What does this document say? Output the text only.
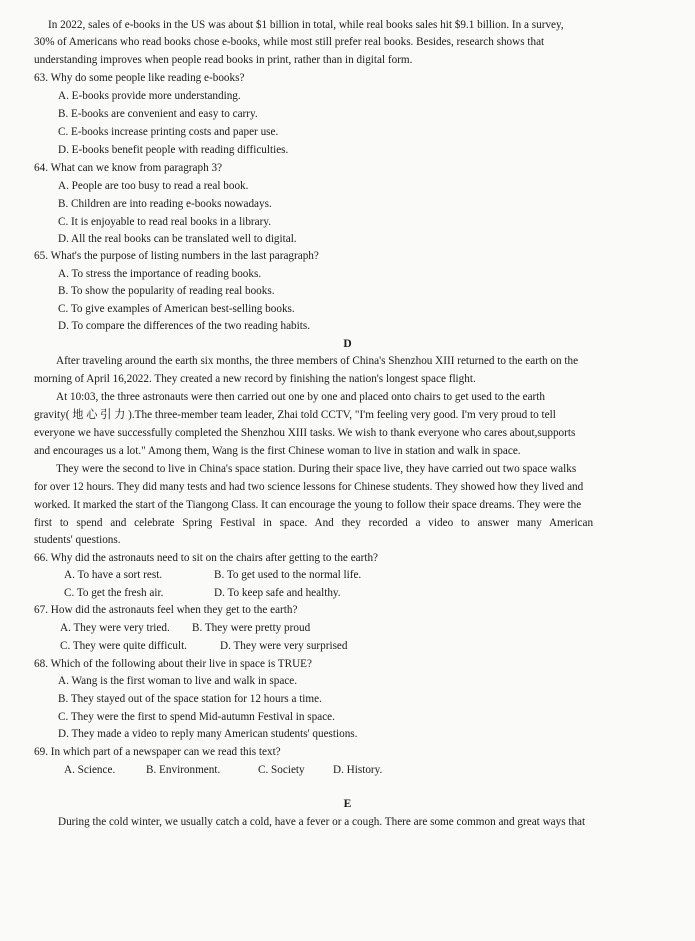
In 2022, sales of e-books in the US was about $1 billion in total, while real books sales hit $9.1 billion. In a survey,
30% of Americans who read books chose e-books, while most still prefer real books. Besides, research shows that
understanding improves when people read books in print, rather than in digital form.
63. Why do some people like reading e-books?
A. E-books provide more understanding.
B. E-books are convenient and easy to carry.
C. E-books increase printing costs and paper use.
D. E-books benefit people with reading difficulties.
64. What can we know from paragraph 3?
A. People are too busy to read a real book.
B. Children are into reading e-books nowadays.
C. It is enjoyable to read real books in a library.
D. All the real books can be translated well to digital.
65. What's the purpose of listing numbers in the last paragraph?
A. To stress the importance of reading books.
B. To show the popularity of reading real books.
C. To give examples of American best-selling books.
D. To compare the differences of the two reading habits.
D
After traveling around the earth six months, the three members of China's Shenzhou XIII returned to the earth on the
morning of April 16,2022. They created a new record by finishing the nation's longest space flight.
At 10:03, the three astronauts were then carried out one by one and placed onto chairs to get used to the earth
gravity( 地 心 引 力 ).The three-member team leader, Zhai told CCTV, "I'm feeling very good. I'm very proud to tell
everyone we have successfully completed the Shenzhou XIII tasks. We wish to thank everyone who cares about,supports
and encourages us a lot." Among them, Wang is the first Chinese woman to live in station and walk in space.
They were the second to live in China's space station. During their space live, they have carried out two space walks
for over 12 hours. They did many tests and had two science lessons for Chinese students. They showed how they lived and
worked. It marked the start of the Tiangong Class. It can encourage the young to follow their space dreams. They were the
first to spend and celebrate Spring Festival in space. And they recorded a video to answer many American
students' questions.
66. Why did the astronauts need to sit on the chairs after getting to the earth?
A. To have a sort rest.	B. To get used to the normal life.
C. To get the fresh air.	D. To keep safe and healthy.
67. How did the astronauts feel when they get to the earth?
A. They were very tried. B. They were pretty proud
C. They were quite difficult.	D. They were very surprised
68. Which of the following about their live in space is TRUE?
A. Wang is the first woman to live and walk in space.
B. They stayed out of the space station for 12 hours a time.
C. They were the first to spend Mid-autumn Festival in space.
D. They made a video to reply many American students' questions.
69. In which part of a newspaper can we read this text?
A. Science.	B. Environment.	C. Society	D. History.
E
During the cold winter, we usually catch a cold, have a fever or a cough. There are some common and great ways that
